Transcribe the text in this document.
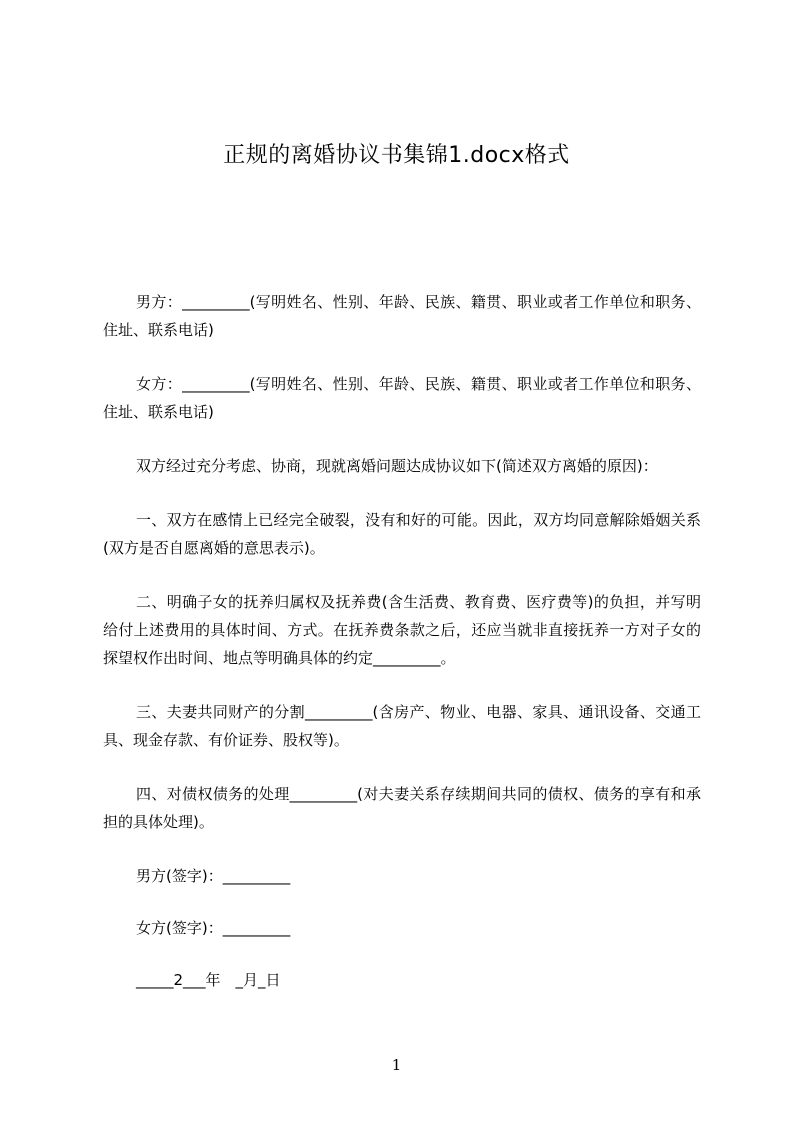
正规的离婚协议书集锦1.docx格式

男方：_________(写明姓名、性别、年龄、民族、籍贯、职业或者工作单位和职务、住址、联系电话)

女方：_________(写明姓名、性别、年龄、民族、籍贯、职业或者工作单位和职务、住址、联系电话)

双方经过充分考虑、协商，现就离婚问题达成协议如下(简述双方离婚的原因)：

一、双方在感情上已经完全破裂，没有和好的可能。因此，双方均同意解除婚姻关系(双方是否自愿离婚的意思表示)。

二、明确子女的抚养归属权及抚养费(含生活费、教育费、医疗费等)的负担，并写明给付上述费用的具体时间、方式。在抚养费条款之后，还应当就非直接抚养一方对子女的探望权作出时间、地点等明确具体的约定_________。

三、夫妻共同财产的分割_________(含房产、物业、电器、家具、通讯设备、交通工具、现金存款、有价证券、股权等)。

四、对债权债务的处理_________(对夫妻关系存续期间共同的债权、债务的享有和承担的具体处理)。

男方(签字)：_________

女方(签字)：_________

_____2___年　_月_日

1
